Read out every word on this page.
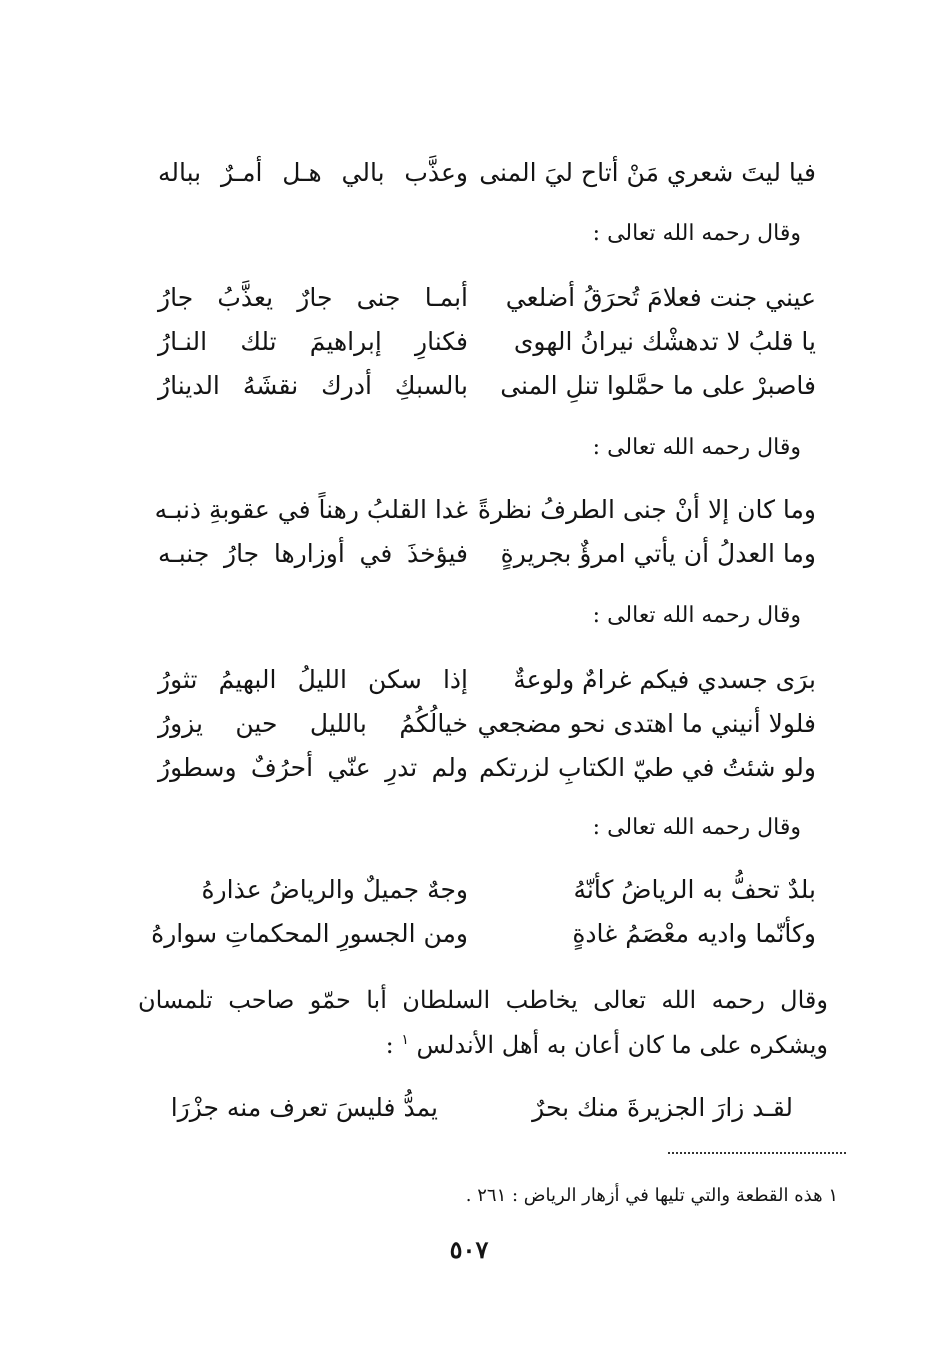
فيا ليتَ شعري مَنْ أتاح ليَ المنى
وعذَّب بالي هـل أمـرٌ بباله
وقال رحمه الله تعالى :
عيني جنت فعلامَ تُحرَقُ أضلعي
أبمـا جنى جارٌ يعذَّبُ جارُ
يا قلبُ لا تدهشْك نيرانُ الهوى
فكنارِ إبراهيمَ تلك النـارُ
فاصبرْ على ما حمَّلوا تنلِ المنى
بالسبكِ أدرك نقشَهُ الدينارُ
وقال رحمه الله تعالى :
وما كان إلا أنْ جنى الطرفُ نظرةً
غدا القلبُ رهناً في عقوبةِ ذنبـه
وما العدلُ أن يأتي امرؤٌ بجريرةٍ
فيؤخذَ في أوزارها جارُ جنبـه
وقال رحمه الله تعالى :
برَى جسدي فيكم غرامٌ ولوعةٌ
إذا سكن الليلُ البهيمُ تثورُ
فلولا أنيني ما اهتدى نحو مضجعي
خيالُكُمُ بالليل حين يزورُ
ولو شئتُ في طيّ الكتابِ لزرتكم
ولم تدرِ عنّي أحرُفٌ وسطورُ
وقال رحمه الله تعالى :
بلدٌ تحفُّ به الرياضُ كأنّهُ
وجهٌ جميلٌ والرياضُ عذارهُ
وكأنّما واديه معْصَمُ غادةٍ
ومن الجسورِ المحكماتِ سوارهُ
وقال رحمه الله تعالى يخاطب السلطان أبا حمّو صاحب تلمسان ويشكره على ما كان أعان به أهل الأندلس $^١$ :
لقـد زارَ الجزيرةَ منك بحرٌ
يمدُّ فليسَ تعرف منه جزْرَا
١ هذه القطعة والتي تليها في أزهار الرياض : ٢٦١ .
٥٠٧
